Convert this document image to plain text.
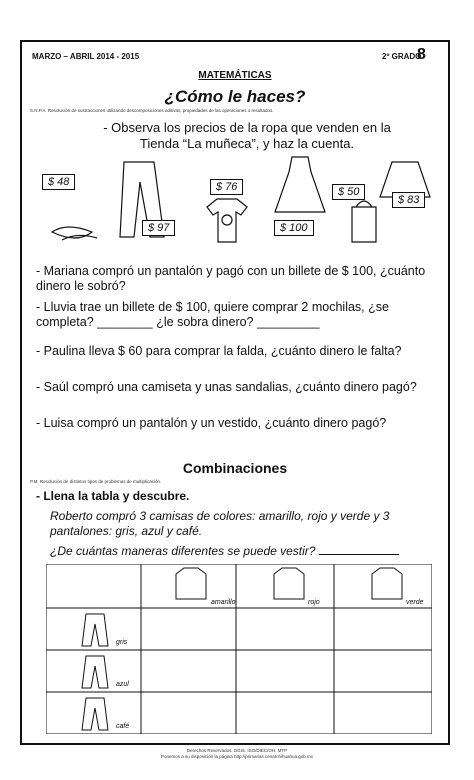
MARZO – ABRIL 2014 - 2015	2º GRADO
8
MATEMÁTICAS
¿Cómo le haces?
S.N.P.A. Resolución de sustracciones utilizando descomposiciones aditivas, propiedades de las operaciones o resultados.
- Observa los precios de la ropa que venden en la Tienda “La muñeca”, y haz la cuenta.
$ 48
$ 97
$ 76
$ 100
$ 50
$ 83
- Mariana compró un pantalón y pagó con un billete de $ 100, ¿cuánto dinero le sobró?
- Lluvia trae un billete de $ 100, quiere comprar 2 mochilas, ¿se completa? ________ ¿le sobra dinero? _________
- Paulina lleva $ 60 para comprar la falda, ¿cuánto dinero le falta?
- Saúl compró una camiseta y unas sandalias, ¿cuánto dinero pagó?
- Luisa compró un pantalón y un vestido, ¿cuánto dinero pagó?
Combinaciones
P.M. Resolución de distintos tipos de problemas de multiplicación.
- Llena la tabla y descubre.
Roberto compró 3 camisas de colores: amarillo, rojo y verde y 3 pantalones: gris, azul y café.
¿De cuántas maneras diferentes se puede vestir?
amarillo	rojo	verde
gris
azul
café
Derechos Reservados. DGIS. ISO/DIEC/OH. MTP
Ponemos a su disposición la página http://primarias.cenarchihuahua.gob.mx
